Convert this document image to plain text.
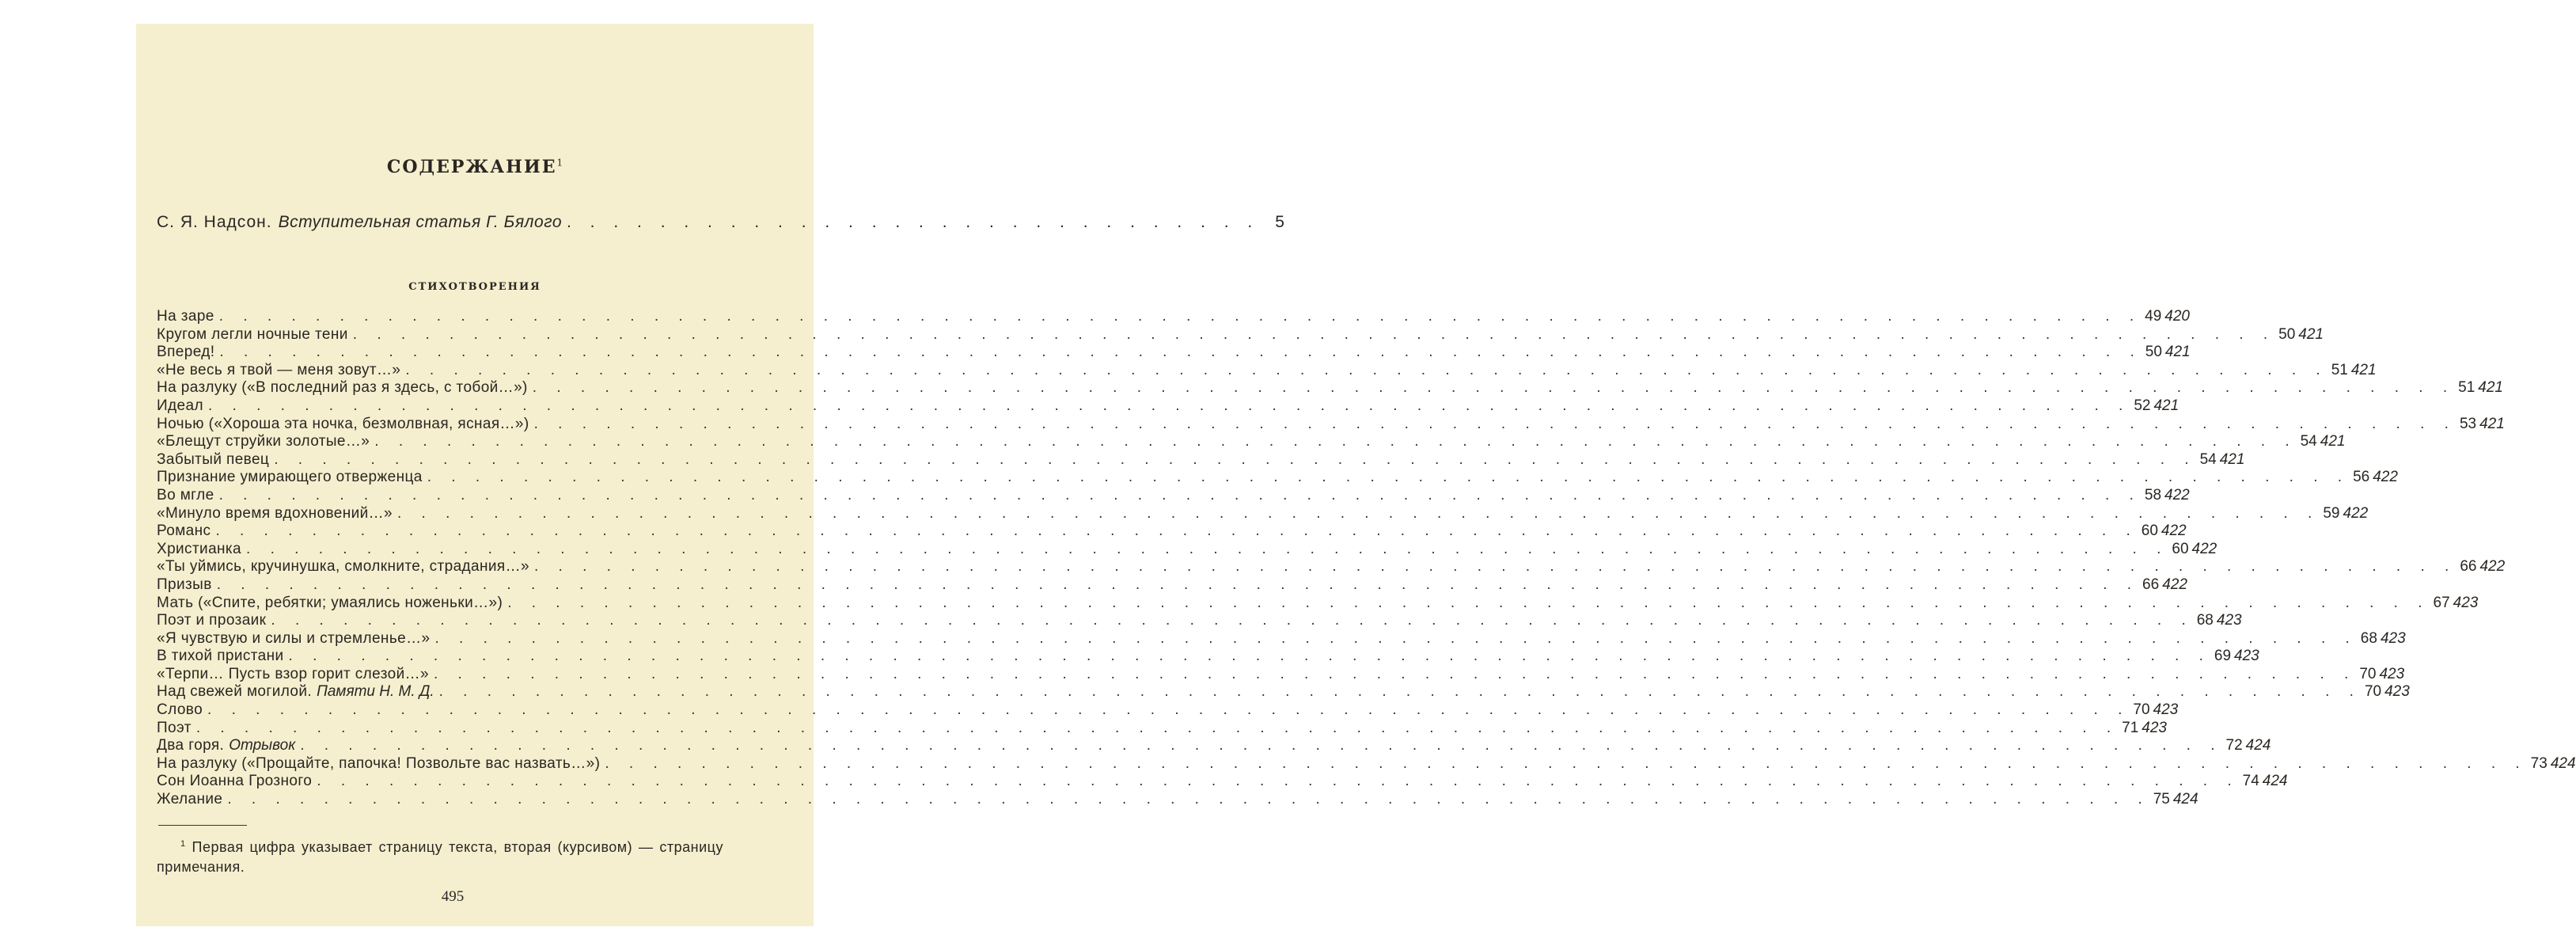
СОДЕРЖАНИЕ$^1$
С. Я. Надсон. Вступительная статья Г. Бялого . . . . . . . . . . . . . . . . . . . . . . . . . . . . . . 5
СТИХОТВОРЕНИЯ
На заре . . . . . . . . . . . . . . . . . . . . . . . . . . . . . . . . . . . . . . . . . . . . . . . . . . . . . . . . . . . . . . . . . . . . . . . . . . . . . . . . 49 420
Кругом легли ночные тени . . . . . . . . . . . . . . . . . . . . . . . . . . . . . . . . . . . . . . . . . . . . . . . . . . . . . . . . . . . . . . . . . . . . . . . . . . . . . . . . 50 421
Вперед! . . . . . . . . . . . . . . . . . . . . . . . . . . . . . . . . . . . . . . . . . . . . . . . . . . . . . . . . . . . . . . . . . . . . . . . . . . . . . . . . 50 421
«Не весь я твой — меня зовут…» . . . . . . . . . . . . . . . . . . . . . . . . . . . . . . . . . . . . . . . . . . . . . . . . . . . . . . . . . . . . . . . . . . . . . . . . . . . . . . . . 51 421
На разлуку («В последний раз я здесь, с тобой…») . . . . . . . . . . . . . . . . . . . . . . . . . . . . . . . . . . . . . . . . . . . . . . . . . . . . . . . . . . . . . . . . . . . . . . . . . . . . . . . . 51 421
Идеал . . . . . . . . . . . . . . . . . . . . . . . . . . . . . . . . . . . . . . . . . . . . . . . . . . . . . . . . . . . . . . . . . . . . . . . . . . . . . . . . 52 421
Ночью («Хороша эта ночка, безмолвная, ясная…») . . . . . . . . . . . . . . . . . . . . . . . . . . . . . . . . . . . . . . . . . . . . . . . . . . . . . . . . . . . . . . . . . . . . . . . . . . . . . . . . 53 421
«Блещут струйки золотые…» . . . . . . . . . . . . . . . . . . . . . . . . . . . . . . . . . . . . . . . . . . . . . . . . . . . . . . . . . . . . . . . . . . . . . . . . . . . . . . . . 54 421
Забытый певец . . . . . . . . . . . . . . . . . . . . . . . . . . . . . . . . . . . . . . . . . . . . . . . . . . . . . . . . . . . . . . . . . . . . . . . . . . . . . . . . 54 421
Признание умирающего отверженца . . . . . . . . . . . . . . . . . . . . . . . . . . . . . . . . . . . . . . . . . . . . . . . . . . . . . . . . . . . . . . . . . . . . . . . . . . . . . . . . 56 422
Во мгле . . . . . . . . . . . . . . . . . . . . . . . . . . . . . . . . . . . . . . . . . . . . . . . . . . . . . . . . . . . . . . . . . . . . . . . . . . . . . . . . 58 422
«Минуло время вдохновений…» . . . . . . . . . . . . . . . . . . . . . . . . . . . . . . . . . . . . . . . . . . . . . . . . . . . . . . . . . . . . . . . . . . . . . . . . . . . . . . . . 59 422
Романс . . . . . . . . . . . . . . . . . . . . . . . . . . . . . . . . . . . . . . . . . . . . . . . . . . . . . . . . . . . . . . . . . . . . . . . . . . . . . . . . 60 422
Христианка . . . . . . . . . . . . . . . . . . . . . . . . . . . . . . . . . . . . . . . . . . . . . . . . . . . . . . . . . . . . . . . . . . . . . . . . . . . . . . . . 60 422
«Ты уймись, кручинушка, смолкните, страдания…» . . . . . . . . . . . . . . . . . . . . . . . . . . . . . . . . . . . . . . . . . . . . . . . . . . . . . . . . . . . . . . . . . . . . . . . . . . . . . . . . 66 422
Призыв . . . . . . . . . . . . . . . . . . . . . . . . . . . . . . . . . . . . . . . . . . . . . . . . . . . . . . . . . . . . . . . . . . . . . . . . . . . . . . . . 66 422
Мать («Спите, ребятки; умаялись ноженьки…») . . . . . . . . . . . . . . . . . . . . . . . . . . . . . . . . . . . . . . . . . . . . . . . . . . . . . . . . . . . . . . . . . . . . . . . . . . . . . . . . 67 423
Поэт и прозаик . . . . . . . . . . . . . . . . . . . . . . . . . . . . . . . . . . . . . . . . . . . . . . . . . . . . . . . . . . . . . . . . . . . . . . . . . . . . . . . . 68 423
«Я чувствую и силы и стремленье…» . . . . . . . . . . . . . . . . . . . . . . . . . . . . . . . . . . . . . . . . . . . . . . . . . . . . . . . . . . . . . . . . . . . . . . . . . . . . . . . . 68 423
В тихой пристани . . . . . . . . . . . . . . . . . . . . . . . . . . . . . . . . . . . . . . . . . . . . . . . . . . . . . . . . . . . . . . . . . . . . . . . . . . . . . . . . 69 423
«Терпи… Пусть взор горит слезой…» . . . . . . . . . . . . . . . . . . . . . . . . . . . . . . . . . . . . . . . . . . . . . . . . . . . . . . . . . . . . . . . . . . . . . . . . . . . . . . . . 70 423
Над свежей могилой. Памяти Н. М. Д. . . . . . . . . . . . . . . . . . . . . . . . . . . . . . . . . . . . . . . . . . . . . . . . . . . . . . . . . . . . . . . . . . . . . . . . . . . . . . . . . 70 423
Слово . . . . . . . . . . . . . . . . . . . . . . . . . . . . . . . . . . . . . . . . . . . . . . . . . . . . . . . . . . . . . . . . . . . . . . . . . . . . . . . . 70 423
Поэт . . . . . . . . . . . . . . . . . . . . . . . . . . . . . . . . . . . . . . . . . . . . . . . . . . . . . . . . . . . . . . . . . . . . . . . . . . . . . . . . 71 423
Два горя. Отрывок . . . . . . . . . . . . . . . . . . . . . . . . . . . . . . . . . . . . . . . . . . . . . . . . . . . . . . . . . . . . . . . . . . . . . . . . . . . . . . . . 72 424
На разлуку («Прощайте, папочка! Позвольте вас назвать…») . . . . . . . . . . . . . . . . . . . . . . . . . . . . . . . . . . . . . . . . . . . . . . . . . . . . . . . . . . . . . . . . . . . . . . . . . . . . . . . . 73 424
Сон Иоанна Грозного . . . . . . . . . . . . . . . . . . . . . . . . . . . . . . . . . . . . . . . . . . . . . . . . . . . . . . . . . . . . . . . . . . . . . . . . . . . . . . . . 74 424
Желание . . . . . . . . . . . . . . . . . . . . . . . . . . . . . . . . . . . . . . . . . . . . . . . . . . . . . . . . . . . . . . . . . . . . . . . . . . . . . . . . 75 424
$^1$ Первая цифра указывает страницу текста, вторая (курсивом) — страницу примечания.
495
